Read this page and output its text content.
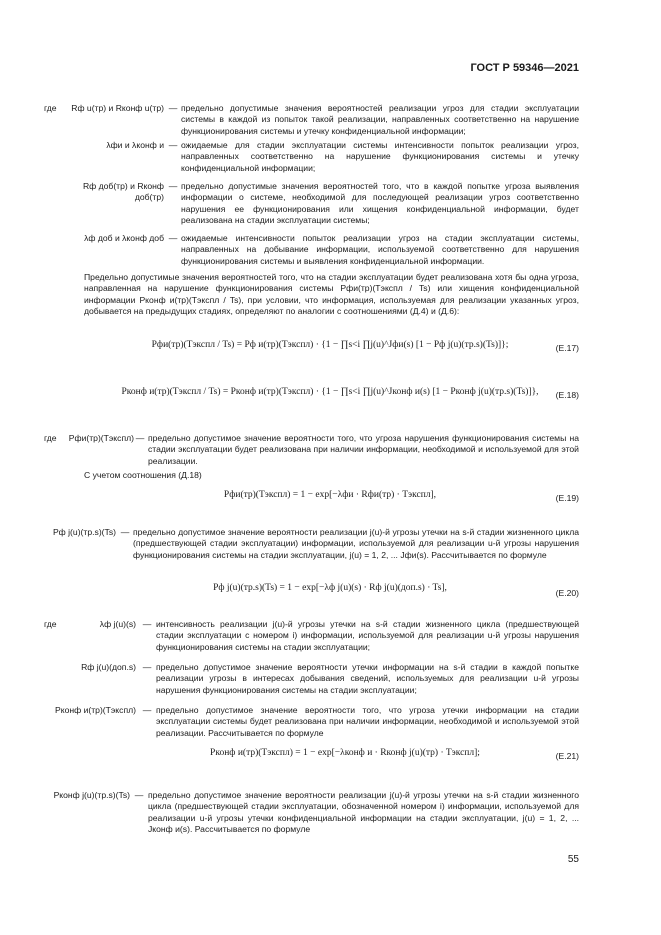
ГОСТ Р 59346—2021
где	Rф u(тр) и Rконф u(тр) — предельно допустимые значения вероятностей реализации угроз для стадии эксплуатации системы в каждой из попыток такой реализации, направленных соответственно на нарушение функционирования системы и утечку конфиденциальной информации;
λфи и λконф и — ожидаемые для стадии эксплуатации системы интенсивности попыток реализации угроз, направленных соответственно на нарушение функционирования системы и утечку конфиденциальной информации;
Rф доб(тр) и Rконф доб(тр)
— предельно допустимые значения вероятностей того, что в каждой попытке угроза выявления информации о системе, необходимой для последующей реализации угроз соответственно нарушения ее функционирования или хищения конфиденциальной информации, будет реализована на стадии эксплуатации системы;
λф доб и λконф доб — ожидаемые интенсивности попыток реализации угроз на стадии эксплуатации системы, направленных на добывание информации, используемой соответственно для нарушения функционирования системы и выявления конфиденциальной информации.
Предельно допустимые значения вероятностей того, что на стадии эксплуатации будет реализована хотя бы одна угроза, направленная на нарушение функционирования системы Pфи(тр)(Tэкспл / Ts) или хищения конфиденциальной информации Pконф и(тр)(Tэкспл / Ts), при условии, что информация, используемая для реализации указанных угроз, добывается на предыдущих стадиях, определяют по аналогии с соотношениями (Д.4) и (Д.6):
Pфи(тр)(Tэкспл / Ts) = Pф и(тр)(Tэкспл) · {1 − ∏s<i ∏j(u)^Jфи(s) [1 − Pф j(u)(тр.s)(Ts)]};	(Е.17)
Pконф и(тр)(Tэкспл / Ts) = Pконф и(тр)(Tэкспл) · {1 − ∏s<i ∏j(u)^Jконф и(s) [1 − Pконф j(u)(тр.s)(Ts)]}, (Е.18)
где	Pфи(тр)(Tэкспл) — предельно допустимое значение вероятности того, что угроза нарушения функционирования системы на стадии эксплуатации будет реализована при наличии информации, необходимой и используемой для этой реализации.
С учетом соотношения (Д.18)
Pфи(тр)(Tэкспл) = 1 − exp[−λфи · Rфи(тр) · Tэкспл],	(Е.19)
Pф j(u)(тр.s)(Ts) — предельно допустимое значение вероятности реализации j(u)-й угрозы утечки на s-й стадии жизненного цикла (предшествующей стадии эксплуатации) информации, используемой для реализации u-й угрозы нарушения функционирования системы на стадии эксплуатации, j(u) = 1, 2, ... Jфи(s). Рассчитывается по формуле
Pф j(u)(тр.s)(Ts) = 1 − exp[−λф j(u)(s) · Rф j(u)(доп.s) · Ts],	(Е.20)
где	λф j(u)(s) — интенсивность реализации j(u)-й угрозы утечки на s-й стадии жизненного цикла (предшествующей стадии эксплуатации с номером i) информации, используемой для реализации u-й угрозы нарушения функционирования системы на стадии эксплуатации;
Rф j(u)(доп.s) — предельно допустимое значение вероятности утечки информации на s-й стадии в каждой попытке реализации угрозы в интересах добывания сведений, используемых для реализации u-й угрозы нарушения функционирования системы на стадии эксплуатации;
Pконф и(тр)(Tэкспл) — предельно допустимое значение вероятности того, что угроза утечки информации на стадии эксплуатации системы будет реализована при наличии информации, необходимой и используемой этой реализации. Рассчитывается по формуле
Pконф и(тр)(Tэкспл) = 1 − exp[−λконф и · Rконф j(u)(тр) · Tэкспл];	(Е.21)
Pконф j(u)(тр.s)(Ts) — предельно допустимое значение вероятности реализации j(u)-й угрозы утечки на s-й стадии жизненного цикла (предшествующей стадии эксплуатации, обозначенной номером i) информации, используемой для реализации u-й угрозы утечки конфиденциальной информации на стадии эксплуатации, j(u) = 1, 2, ... Jконф и(s). Рассчитывается по формуле
55
